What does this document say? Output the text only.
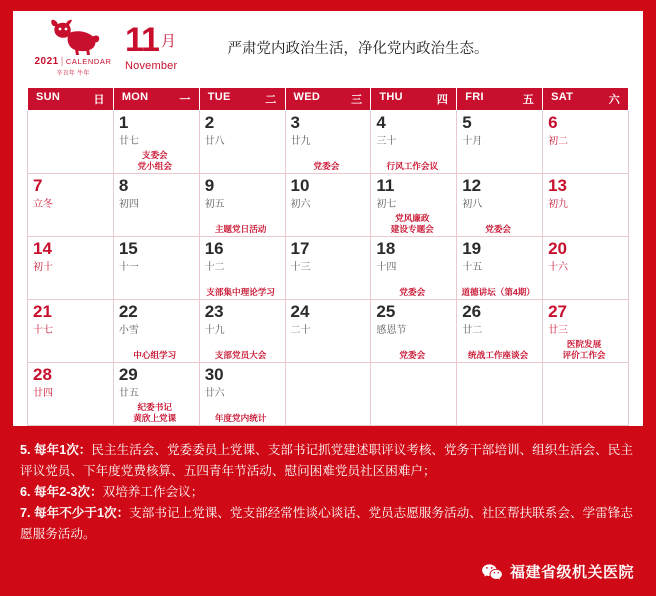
2021 | CALENDAR
辛丑年 牛年
11 月
November
严肃党内政治生活，净化党内政治生态。
SUN 日	MON 一	TUE 二	WED 三	THU 四	FRI 五	SAT 六

	1
廿七
支委会
党小组会	2
廿八	3
廿九
党委会	4
三十
行风工作会议	5
十月	6
初二

7
立冬	8
初四	9
初五
主题党日活动	10
初六	11
初七
党风廉政
建设专题会	12
初八
党委会	13
初九

14
初十	15
十一	16
十二
支部集中理论学习	17
十三	18
十四
党委会	19
十五
道德讲坛（第4期）	20
十六

21
十七	22
小雪
中心组学习	23
十九
支部党员大会	24
二十	25
感恩节
党委会	26
廿二
统战工作座谈会	27
廿三
医院发展
评价工作会

28
廿四	29
廿五
纪委书记
黄欣上党课	30
廿六
年度党内统计				

5. 每年1次：民主生活会、党委委员上党课、支部书记抓党建述职评议考核、党务干部培训、组织生活会、民主评议党员、下年度党费核算、五四青年节活动、慰问困难党员社区困难户；

6. 每年2-3次：双培养工作会议；

7. 每年不少于1次：支部书记上党课、党支部经常性谈心谈话、党员志愿服务活动、社区帮扶联系会、学雷锋志愿服务活动。

福建省级机关医院
